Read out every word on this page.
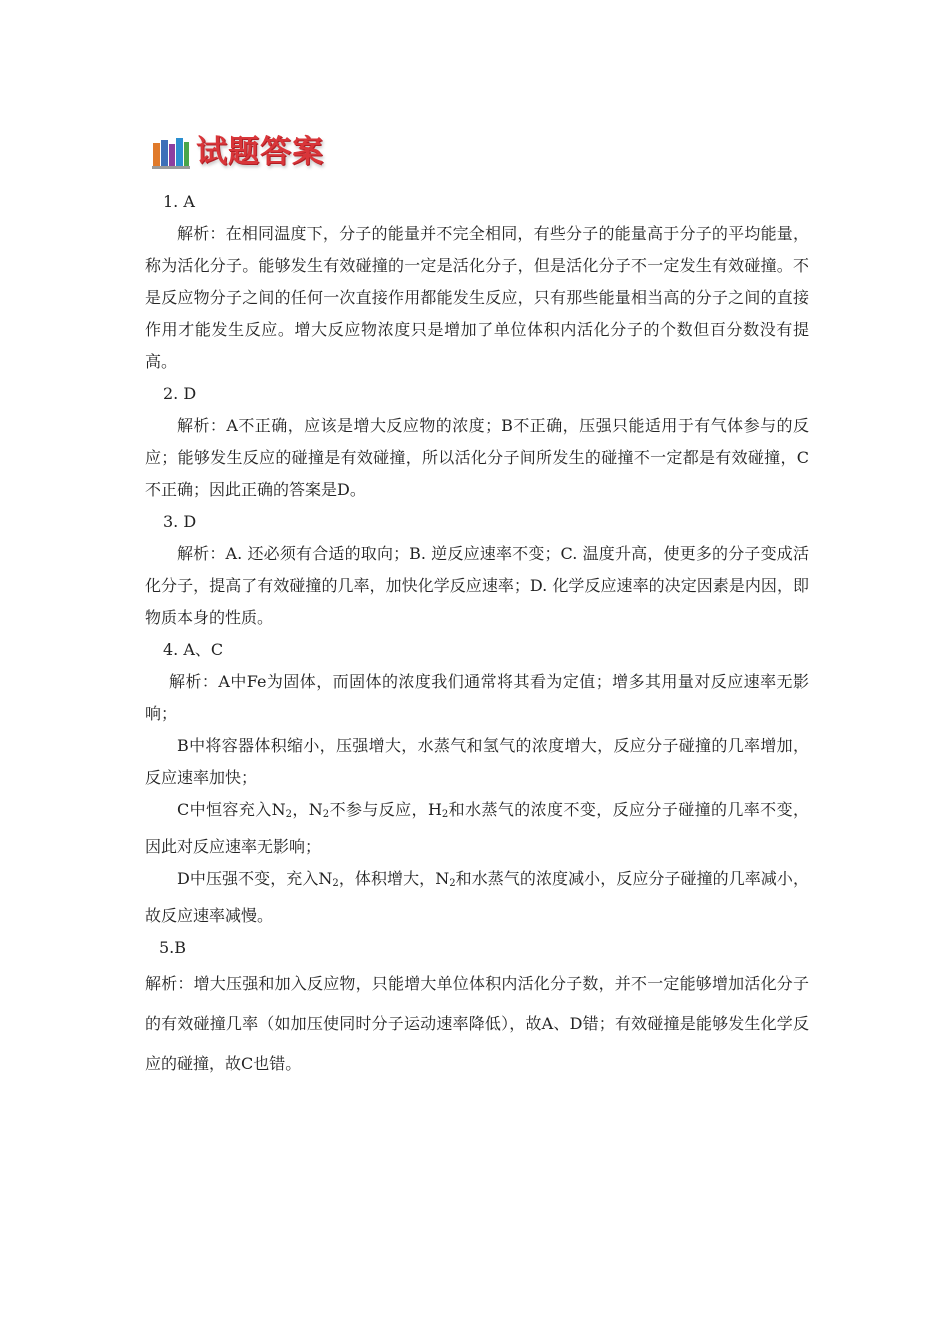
试题答案
1. A
解析：在相同温度下，分子的能量并不完全相同，有些分子的能量高于分子的平均能量，称为活化分子。能够发生有效碰撞的一定是活化分子，但是活化分子不一定发生有效碰撞。不是反应物分子之间的任何一次直接作用都能发生反应，只有那些能量相当高的分子之间的直接作用才能发生反应。增大反应物浓度只是增加了单位体积内活化分子的个数但百分数没有提高。
2. D
解析：A不正确，应该是增大反应物的浓度；B不正确，压强只能适用于有气体参与的反应；能够发生反应的碰撞是有效碰撞，所以活化分子间所发生的碰撞不一定都是有效碰撞，C不正确；因此正确的答案是D。
3. D
解析：A. 还必须有合适的取向；B. 逆反应速率不变；C. 温度升高，使更多的分子变成活化分子，提高了有效碰撞的几率，加快化学反应速率；D. 化学反应速率的决定因素是内因，即物质本身的性质。
4. A、C
解析：A中Fe为固体，而固体的浓度我们通常将其看为定值；增多其用量对反应速率无影响；
B中将容器体积缩小，压强增大，水蒸气和氢气的浓度增大，反应分子碰撞的几率增加，反应速率加快；
C中恒容充入$N_2$，$N_2$不参与反应，$H_2$和水蒸气的浓度不变，反应分子碰撞的几率不变，因此对反应速率无影响；
D中压强不变，充入$N_2$，体积增大，$N_2$和水蒸气的浓度减小，反应分子碰撞的几率减小，故反应速率减慢。
5.B
解析：增大压强和加入反应物，只能增大单位体积内活化分子数，并不一定能够增加活化分子的有效碰撞几率（如加压使同时分子运动速率降低），故A、D错；有效碰撞是能够发生化学反应的碰撞，故C也错。
